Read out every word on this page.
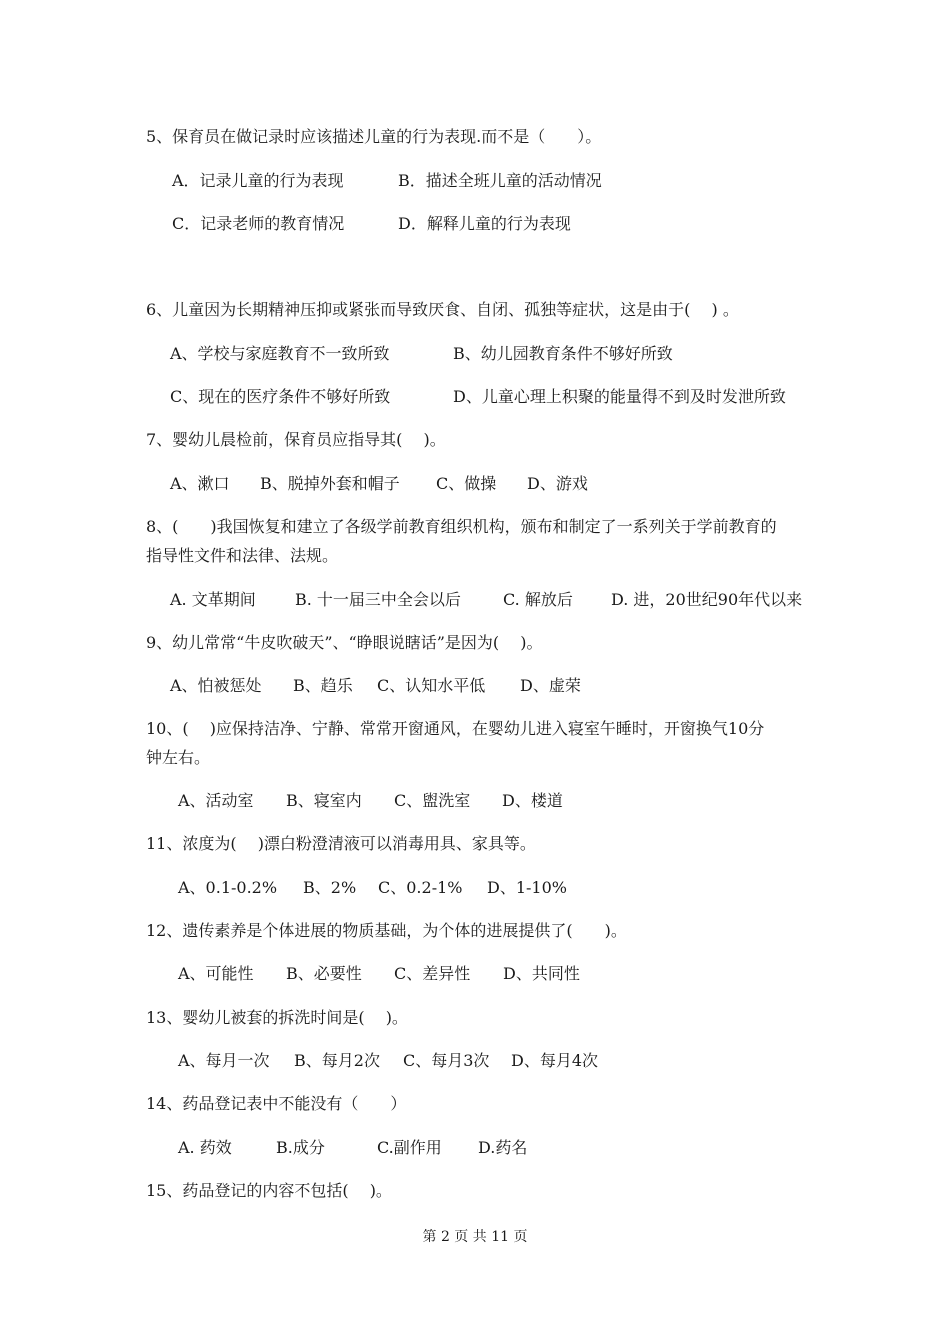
5、保育员在做记录时应该描述儿童的行为表现.而不是（　　）。
A．记录儿童的行为表现	B．描述全班儿童的活动情况
C．记录老师的教育情况	D．解释儿童的行为表现
6、儿童因为长期精神压抑或紧张而导致厌食、自闭、孤独等症状，这是由于(　 ) 。
A、学校与家庭教育不一致所致	B、幼儿园教育条件不够好所致
C、现在的医疗条件不够好所致	D、儿童心理上积聚的能量得不到及时发泄所致
7、婴幼儿晨检前，保育员应指导其(　 )。
A、漱口 B、脱掉外套和帽子 C、做操 D、游戏
8、(　　)我国恢复和建立了各级学前教育组织机构，颁布和制定了一系列关于学前教育的
指导性文件和法律、法规。
A. 文革期间 B. 十一届三中全会以后	C. 解放后 D. 进，20世纪90年代以来
9、幼儿常常“牛皮吹破天”、“睁眼说瞎话”是因为(　 )。
A、怕被惩处 B、趋乐 C、认知水平低 D、虚荣
10、(　 )应保持洁净、宁静、常常开窗通风，在婴幼儿进入寝室午睡时，开窗换气10分
钟左右。
A、活动室 B、寝室内 C、盥洗室 D、楼道
11、浓度为(　 )漂白粉澄清液可以消毒用具、家具等。
A、0.1-0.2% B、2% C、0.2-1% D、1-10%
12、遗传素养是个体进展的物质基础，为个体的进展提供了(　　)。
A、可能性 B、必要性 C、差异性 D、共同性
13、婴幼儿被套的拆洗时间是(　 )。
A、每月一次 B、每月2次 C、每月3次 D、每月4次
14、药品登记表中不能没有（　　）
A. 药效	B.成分	C.副作用 D.药名
15、药品登记的内容不包括(　 )。
第 2 页 共 11 页
